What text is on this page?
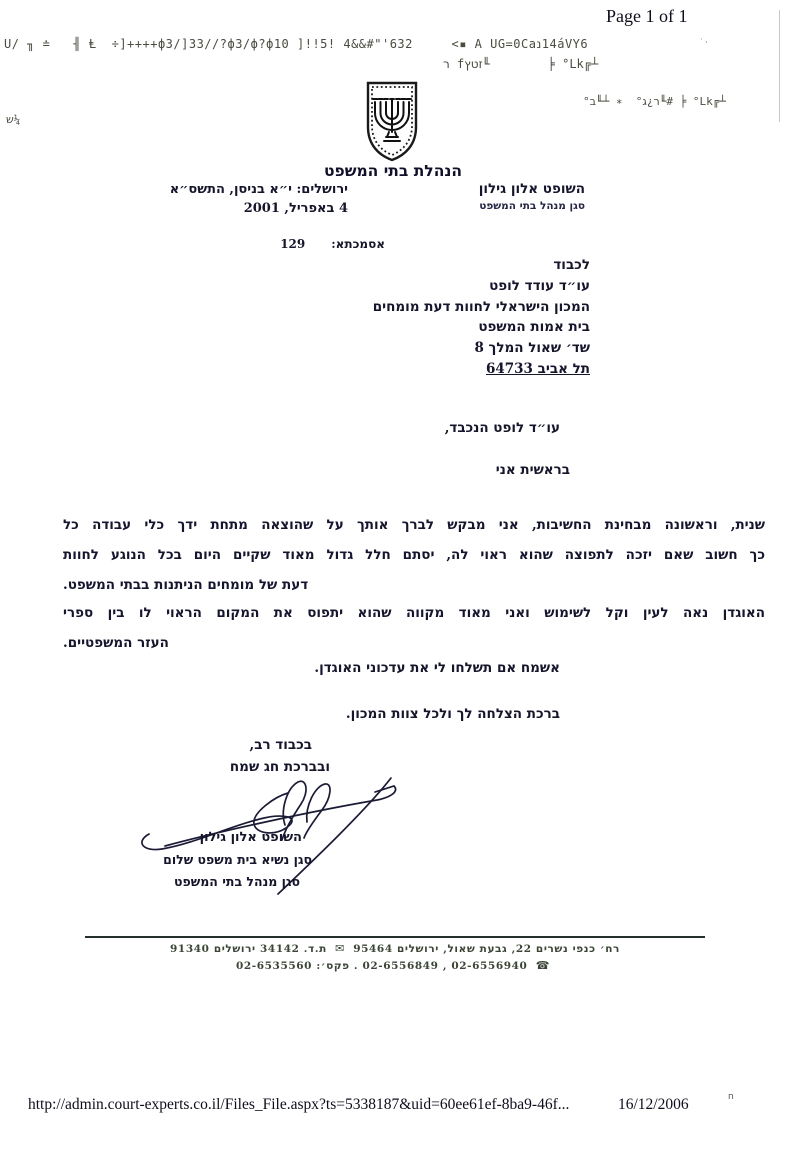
Page 1 of 1
U/ ╖ ≐   ╢ Ⱡ  ÷]++++ф3/]33//?ф3/ф?ф10 ]!!5! 4&&#"'632     <▪ A UG=0Caנ14áVY6
ר fץטז╙        ╞ °Lk╔┴
°ב╙┴ ∗  °ג¿ר╙# ╞ °Lk╔┴
ש¼
· ,
הנהלת בתי המשפט
השופט אלון גילון
סגן מנהל בתי המשפט
ירושלים: י״א בניסן, התשס״א
4 באפריל, 2001
אסמכתא:
129
לכבוד
עו״ד עודד לופט
המכון הישראלי לחוות דעת מומחים
בית אמות המשפט
שד׳ שאול המלך 8
תל אביב 64733
עו״ד לופט הנכבד,
בראשית אני
שנית, וראשונה מבחינת החשיבות, אני מבקש לברך אותך על שהוצאה מתחת ידך כלי עבודה כל
כך חשוב שאם יזכה לתפוצה שהוא ראוי לה, יסתם חלל גדול מאוד שקיים היום בכל הנוגע לחוות
דעת של מומחים הניתנות בבתי המשפט.
האוגדן נאה לעין וקל לשימוש ואני מאוד מקווה שהוא יתפוס את המקום הראוי לו בין ספרי
העזר המשפטיים.
אשמח אם תשלחו לי את עדכוני האוגדן.
ברכת הצלחה לך ולכל צוות המכון.
בכבוד רב,
ובברכת חג שמח
השופט אלון גילון
סגן נשיא בית משפט שלום
סגן מנהל בתי המשפט
רח׳ כנפי נשרים 22, גבעת שאול, ירושלים 95464 ✉ ת.ד. 34142 ירושלים 91340
☎ 02-6556849 , 02-6556940 . פקס׳: 02-6535560
http://admin.court-experts.co.il/Files_File.aspx?ts=5338187&uid=60ee61ef-8ba9-46f...	16/12/2006	ח
